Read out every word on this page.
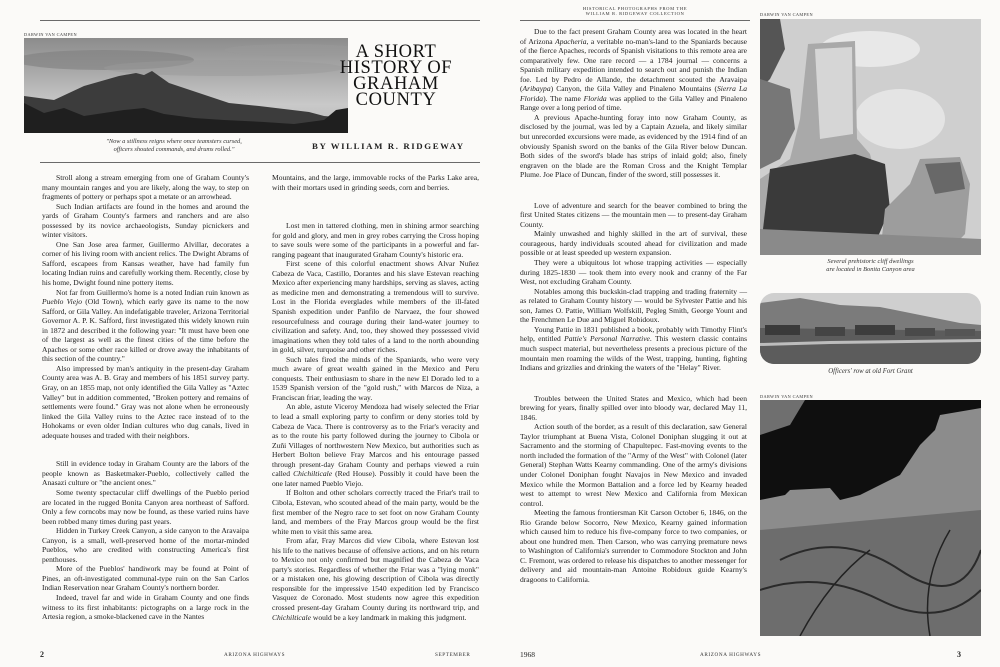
DARWIN VAN CAMPEN
A SHORT
HISTORY OF
GRAHAM COUNTY
"Now a stillness reigns where once teamsters cursed,
officers shouted commands, and drums rolled."	BY WILLIAM R. RIDGEWAY

Stroll along a stream emerging from one of Graham County's many mountain ranges and you are likely, along the way, to step on fragments of pottery or perhaps spot a metate or an arrowhead.

Such Indian artifacts are found in the homes and around the yards of Graham County's farmers and ranchers and are also possessed by its novice archaeologists, Sunday picnickers and winter visitors.

One San Jose area farmer, Guillermo Alvillar, decorates a corner of his living room with ancient relics. The Dwight Abrams of Safford, escapees from Kansas weather, have had family fun locating Indian ruins and carefully working them. Recently, close by his home, Dwight found nine pottery items.

Not far from Guillermo's home is a noted Indian ruin known as Pueblo Viejo (Old Town), which early gave its name to the now Safford, or Gila Valley. An indefatigable traveler, Arizona Territorial Governor A. P. K. Safford, first investigated this widely known ruin in 1872 and described it the following year: "It must have been one of the largest as well as the finest cities of the time before the Apaches or some other race killed or drove away the inhabitants of this section of the country."

Also impressed by man's antiquity in the present-day Graham County area was A. B. Gray and members of his 1851 survey party. Gray, on an 1855 map, not only identified the Gila Valley as "Aztec Valley" but in addition commented, "Broken pottery and remains of settlements were found." Gray was not alone when he erroneously linked the Gila Valley ruins to the Aztec race instead of to the Hohokams or even older Indian cultures who dug canals, lived in adequate houses and traded with their neighbors.

Still in evidence today in Graham County are the labors of the people known as Basketmaker-Pueblo, collectively called the Anasazi culture or "the ancient ones."

Some twenty spectacular cliff dwellings of the Pueblo period are located in the rugged Bonita Canyon area northeast of Safford. Only a few corncobs may now be found, as these varied ruins have been robbed many times during past years.

Hidden in Turkey Creek Canyon, a side canyon to the Aravaipa Canyon, is a small, well-preserved home of the mortar-minded Pueblos, who are credited with constructing America's first penthouses.

More of the Pueblos' handiwork may be found at Point of Pines, an oft-investigated communal-type ruin on the San Carlos Indian Reservation near Graham County's northern border.

Indeed, travel far and wide in Graham County and one finds witness to its first inhabitants: pictographs on a large rock in the Artesia region, a smoke-blackened cave in the Nantes

Mountains, and the large, immovable rocks of the Parks Lake area, with their mortars used in grinding seeds, corn and berries.

Lost men in tattered clothing, men in shining armor searching for gold and glory, and men in grey robes carrying the Cross hoping to save souls were some of the participants in a powerful and far-ranging pageant that inaugurated Graham County's historic era.

First scene of this colorful enactment shows Alvar Nuñez Cabeza de Vaca, Castillo, Dorantes and his slave Estevan reaching Mexico after experiencing many hardships, serving as slaves, acting as medicine men and demonstrating a tremendous will to survive. Lost in the Florida everglades while members of the ill-fated Spanish expedition under Panfilo de Narvaez, the four showed resourcefulness and courage during their land-water journey to civilization and safety. And, too, they showed they possessed vivid imaginations when they told tales of a land to the north abounding in gold, silver, turquoise and other riches.

Such tales fired the minds of the Spaniards, who were very much aware of great wealth gained in the Mexico and Peru conquests. Their enthusiasm to share in the new El Dorado led to a 1539 Spanish version of the "gold rush," with Marcos de Niza, a Franciscan friar, leading the way.

An able, astute Viceroy Mendoza had wisely selected the Friar to lead a small exploring party to confirm or deny stories told by Cabeza de Vaca. There is controversy as to the Friar's veracity and as to the route his party followed during the journey to Cibola or Zuñi Villages of northwestern New Mexico, but authorities such as Herbert Bolton believe Fray Marcos and his entourage passed through present-day Graham County and perhaps viewed a ruin called Chichilticale (Red House). Possibly it could have been the one later named Pueblo Viejo.

If Bolton and other scholars correctly traced the Friar's trail to Cibola, Estevan, who scouted ahead of the main party, would be the first member of the Negro race to set foot on now Graham County land, and members of the Fray Marcos group would be the first white men to visit this same area.

From afar, Fray Marcos did view Cibola, where Estevan lost his life to the natives because of offensive actions, and on his return to Mexico not only confirmed but magnified the Cabeza de Vaca party's stories. Regardless of whether the Friar was a "lying monk" or a mistaken one, his glowing description of Cibola was directly responsible for the impressive 1540 expedition led by Francisco Vasquez de Coronado. Most students now agree this expedition crossed present-day Graham County during its northward trip, and Chichilticale would be a key landmark in making this judgment.

2	ARIZONA HIGHWAYS	SEPTEMBER
HISTORICAL PHOTOGRAPHS FROM THE
WILLIAM R. RIDGEWAY COLLECTION

Due to the fact present Graham County area was located in the heart of Arizona Apacheria, a veritable no-man's-land to the Spaniards because of the fierce Apaches, records of Spanish visitations to this remote area are comparatively few. One rare record — a 1784 journal — concerns a Spanish military expedition intended to search out and punish the Indian foe. Led by Pedro de Allande, the detachment scouted the Aravaipa (Aribaypa) Canyon, the Gila Valley and Pinaleno Mountains (Sierra La Florida). The name Florida was applied to the Gila Valley and Pinaleno Range over a long period of time.

A previous Apache-hunting foray into now Graham County, as disclosed by the journal, was led by a Captain Azuela, and likely similar but unrecorded excursions were made, as evidenced by the 1914 find of an obviously Spanish sword on the banks of the Gila River below Duncan. Both sides of the sword's blade has strips of inlaid gold; also, finely engraven on the blade are the Roman Cross and the Knight Templar Plume. Joe Place of Duncan, finder of the sword, still possesses it.

Love of adventure and search for the beaver combined to bring the first United States citizens — the mountain men — to present-day Graham County.

Mainly unwashed and highly skilled in the art of survival, these courageous, hardy individuals scouted ahead for civilization and made possible or at least speeded up western expansion.

They were a ubiquitous lot whose trapping activities — especially during 1825-1830 — took them into every nook and cranny of the Far West, not excluding Graham County.

Notables among this buckskin-clad trapping and trading fraternity — as related to Graham County history — would be Sylvester Pattie and his son, James O. Pattie, William Wolfskill, Pegleg Smith, George Yount and the Frenchmen Le Due and Miguel Robidoux.

Young Pattie in 1831 published a book, probably with Timothy Flint's help, entitled Pattie's Personal Narrative. This western classic contains much suspect material, but nevertheless presents a precious picture of the mountain men roaming the wilds of the West, trapping, hunting, fighting Indians and grizzlies and drinking the waters of the "Helay" River.

Troubles between the United States and Mexico, which had been brewing for years, finally spilled over into bloody war, declared May 11, 1846.

Action south of the border, as a result of this declaration, saw General Taylor triumphant at Buena Vista, Colonel Doniphan slugging it out at Sacramento and the storming of Chapultepec. Fast-moving events to the north included the formation of the "Army of the West" with Colonel (later General) Stephan Watts Kearny commanding. One of the army's divisions under Colonel Doniphan fought Navajos in New Mexico and invaded Mexico while the Mormon Battalion and a force led by Kearny headed west to attempt to wrest New Mexico and California from Mexican control.

Meeting the famous frontiersman Kit Carson October 6, 1846, on the Rio Grande below Socorro, New Mexico, Kearny gained information which caused him to reduce his five-company force to two companies, or about one hundred men. Then Carson, who was carrying premature news to Washington of California's surrender to Commodore Stockton and John C. Fremont, was ordered to release his dispatches to another messenger for delivery and aid mountain-man Antoine Robidoux guide Kearny's dragoons to California.

DARWIN VAN CAMPEN
Several prehistoric cliff dwellings
are located in Bonita Canyon area
Officers' row at old Fort Grant
DARWIN VAN CAMPEN
1968	ARIZONA HIGHWAYS	3
